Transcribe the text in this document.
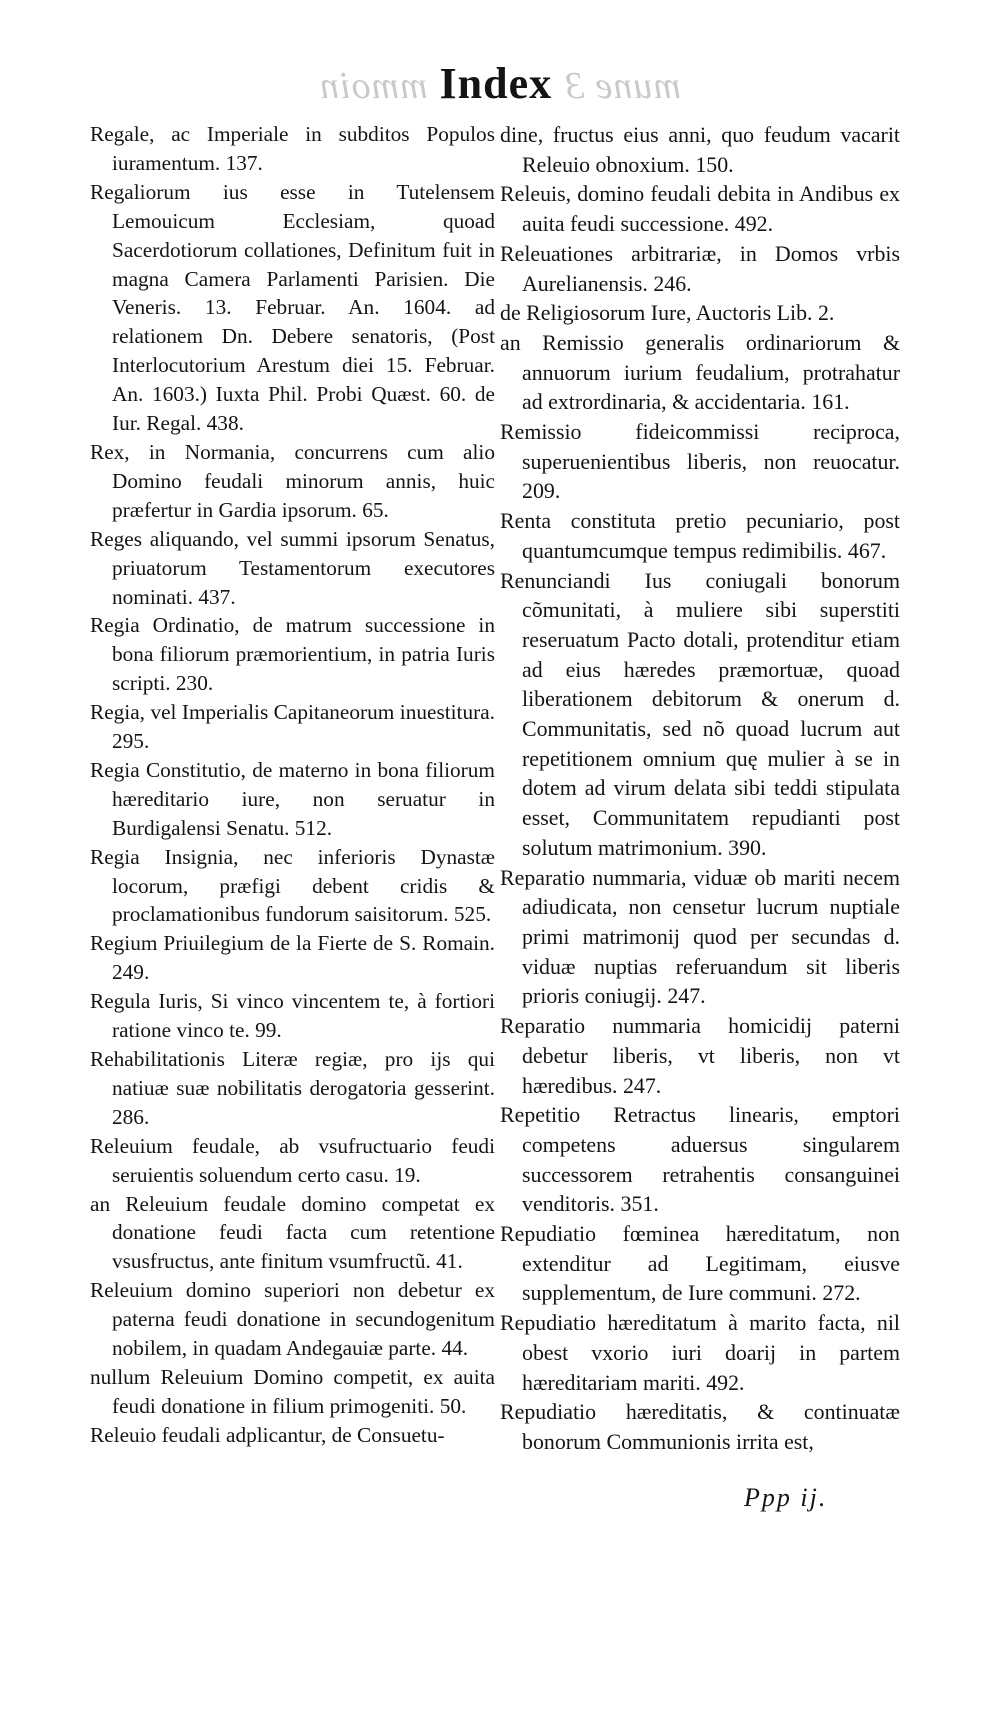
mmoin Index mune 3

Regale, ac Imperiale in subditos Populos iuramentum. 137.

Regaliorum ius esse in Tutelensem Lemouicum Ecclesiam, quoad Sacerdotiorum collationes, Definitum fuit in magna Camera Parlamenti Parisien. Die Veneris. 13. Februar. An. 1604. ad relationem Dn. Debere senatoris, (Post Interlocutorium Arestum diei 15. Februar. An. 1603.) Iuxta Phil. Probi Quæst. 60. de Iur. Regal. 438.

Rex, in Normania, concurrens cum alio Domino feudali minorum annis, huic præfertur in Gardia ipsorum. 65.

Reges aliquando, vel summi ipsorum Senatus, priuatorum Testamentorum executores nominati. 437.

Regia Ordinatio, de matrum successione in bona filiorum præmorientium, in patria Iuris scripti. 230.

Regia, vel Imperialis Capitaneorum inuestitura. 295.

Regia Constitutio, de materno in bona filiorum hæreditario iure, non seruatur in Burdigalensi Senatu. 512.

Regia Insignia, nec inferioris Dynastæ locorum, præfigi debent cridis & proclamationibus fundorum saisitorum. 525.

Regium Priuilegium de la Fierte de S. Romain. 249.

Regula Iuris, Si vinco vincentem te, à fortiori ratione vinco te. 99.

Rehabilitationis Literæ regiæ, pro ijs qui natiuæ suæ nobilitatis derogatoria gesserint. 286.

Releuium feudale, ab vsufructuario feudi seruientis soluendum certo casu. 19.

an Releuium feudale domino competat ex donatione feudi facta cum retentione vsusfructus, ante finitum vsumfructũ. 41.

Releuium domino superiori non debetur ex paterna feudi donatione in secundogenitum nobilem, in quadam Andegauiæ parte. 44.

nullum Releuium Domino competit, ex auita feudi donatione in filium primogeniti. 50.

Releuio feudali adplicantur, de Consuetu-

dine, fructus eius anni, quo feudum vacarit Releuio obnoxium. 150.

Releuis, domino feudali debita in Andibus ex auita feudi successione. 492.

Releuationes arbitrariæ, in Domos vrbis Aurelianensis. 246.

de Religiosorum Iure, Auctoris Lib. 2.

an Remissio generalis ordinariorum & annuorum iurium feudalium, protrahatur ad extrordinaria, & accidentaria. 161.

Remissio fideicommissi reciproca, superuenientibus liberis, non reuocatur. 209.

Renta constituta pretio pecuniario, post quantumcumque tempus redimibilis. 467.

Renunciandi Ius coniugali bonorum cõmunitati, à muliere sibi superstiti reseruatum Pacto dotali, protenditur etiam ad eius hæredes præmortuæ, quoad liberationem debitorum & onerum d. Communitatis, sed nõ quoad lucrum aut repetitionem omnium quę mulier à se in dotem ad virum delata sibi teddi stipulata esset, Communitatem repudianti post solutum matrimonium. 390.

Reparatio nummaria, viduæ ob mariti necem adiudicata, non censetur lucrum nuptiale primi matrimonij quod per secundas d. viduæ nuptias referuandum sit liberis prioris coniugij. 247.

Reparatio nummaria homicidij paterni debetur liberis, vt liberis, non vt hæredibus. 247.

Repetitio Retractus linearis, emptori competens aduersus singularem successorem retrahentis consanguinei venditoris. 351.

Repudiatio fœminea hæreditatum, non extenditur ad Legitimam, eiusve supplementum, de Iure communi. 272.

Repudiatio hæreditatum à marito facta, nil obest vxorio iuri doarij in partem hæreditariam mariti. 492.

Repudiatio hæreditatis, & continuatæ bonorum Communionis irrita est,

Ppp ij.
